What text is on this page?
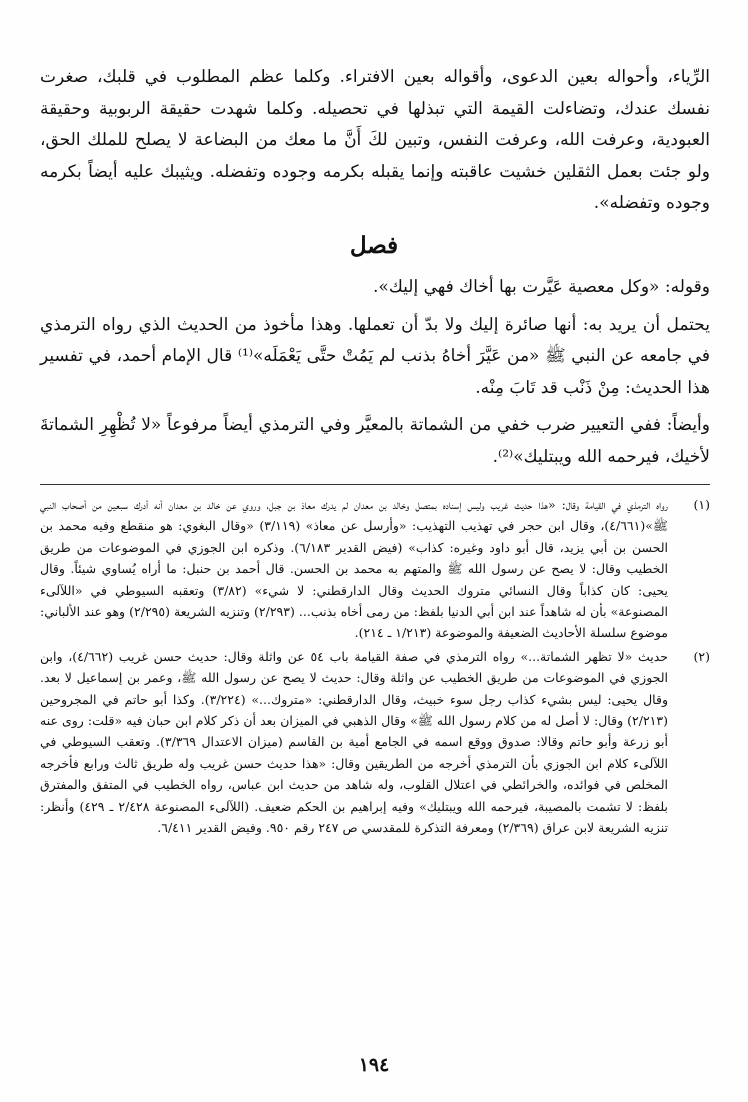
الرِّياء، وأحواله بعين الدعوى، وأقواله بعين الافتراء. وكلما عظم المطلوب في قلبك، صغرت نفسك عندك، وتضاءلت القيمة التي تبذلها في تحصيله. وكلما شهدت حقيقة الربوبية وحقيقة العبودية، وعرفت الله، وعرفت النفس، وتبين لكَ أَنَّ ما معك من البضاعة لا يصلح للملك الحق، ولو جئت بعمل الثقلين خشيت عاقبته وإنما يقبله بكرمه وجوده وتفضله. ويثيبك عليه أيضاً بكرمه وجوده وتفضله».

فصل

وقوله: «وكل معصية عَيَّرت بها أخاك فهي إليك».

يحتمل أن يريد به: أنها صائرة إليك ولا بدّ أن تعملها. وهذا مأخوذ من الحديث الذي رواه الترمذي في جامعه عن النبي ﷺ «من عَيَّرَ أخاهُ بذنب لم يَمُتْ حتَّى يَعْمَلَه»⁽¹⁾ قال الإمام أحمد، في تفسير هذا الحديث: مِنْ ذَنْب قد تَابَ مِنْه.

وأيضاً: ففي التعيير ضرب خفي من الشماتة بالمعيَّر وفي الترمذي أيضاً مرفوعاً «لا تُظْهِرِ الشماتةَ لأخيك، فيرحمه الله ويبتليك»⁽²⁾.

(١)
رواه الترمذي في القيامة وقال: «هذا حديث غريب وليس إسناده بمتصل وخالد بن معدان لم يدرك معاذ بن جبل، وروي عن خالد بن معدان أنه أدرك سبعين من أصحاب النبي ﷺ»(٤/٦٦١)، وقال ابن حجر في تهذيب التهذيب: «وأرسل عن معاذ» (٣/١١٩) «وقال البغوي: هو منقطع وفيه محمد بن الحسن بن أبي يزيد، قال أبو داود وغيره: كذاب» (فيض القدير ٦/١٨٣). وذكره ابن الجوزي في الموضوعات من طريق الخطيب وقال: لا يصح عن رسول الله ﷺ والمتهم به محمد بن الحسن. قال أحمد بن حنبل: ما أراه يُساوي شيئاً. وقال يحيى: كان كذاباً وقال النسائي متروك الحديث وقال الدارقطني: لا شيء» (٣/٨٢) وتعقبه السيوطي في «اللآلىء المصنوعة» بأن له شاهداً عند ابن أبي الدنيا بلفظ: من رمى أخاه بذنب... (٢/٢٩٣) وتنزيه الشريعة (٢/٢٩٥) وهو عند الألباني: موضوع سلسلة الأحاديث الضعيفة والموضوعة (١/٢١٣ ـ ٢١٤).

(٢)
حديث «لا تظهر الشماتة...» رواه الترمذي في صفة القيامة باب ٥٤ عن واثلة وقال: حديث حسن غريب (٤/٦٦٢)، وابن الجوزي في الموضوعات من طريق الخطيب عن واثلة وقال: حديث لا يصح عن رسول الله ﷺ، وعمر بن إسماعيل لا بعد. وقال يحيى: ليس بشيء كذاب رجل سوء خبيث، وقال الدارقطني: «متروك...» (٣/٢٢٤). وكذا أبو حاتم في المجروحين (٢/٢١٣) وقال: لا أصل له من كلام رسول الله ﷺ» وقال الذهبي في الميزان بعد أن ذكر كلام ابن حبان فيه «قلت: روى عنه أبو زرعة وأبو حاتم وقالا: صدوق ووقع اسمه في الجامع أمية بن القاسم (ميزان الاعتدال ٣/٣٦٩). وتعقب السيوطي في اللآلىء كلام ابن الجوزي بأن الترمذي أخرجه من الطريقين وقال: «هذا حديث حسن غريب وله طريق ثالث ورابع فأخرجه المخلص في فوائده، والخرائطي في اعتلال القلوب، وله شاهد من حديث ابن عباس، رواه الخطيب في المتفق والمفترق بلفظ: لا تشمت بالمصيبة، فيرحمه الله ويبتليك» وفيه إبراهيم بن الحكم ضعيف. (اللآلىء المصنوعة ٢/٤٢٨ ـ ٤٢٩) وأنظر: تنزيه الشريعة لابن عراق (٢/٣٦٩) ومعرفة التذكرة للمقدسي ص ٢٤٧ رقم ٩٥٠. وفيض القدير ٦/٤١١.

١٩٤
